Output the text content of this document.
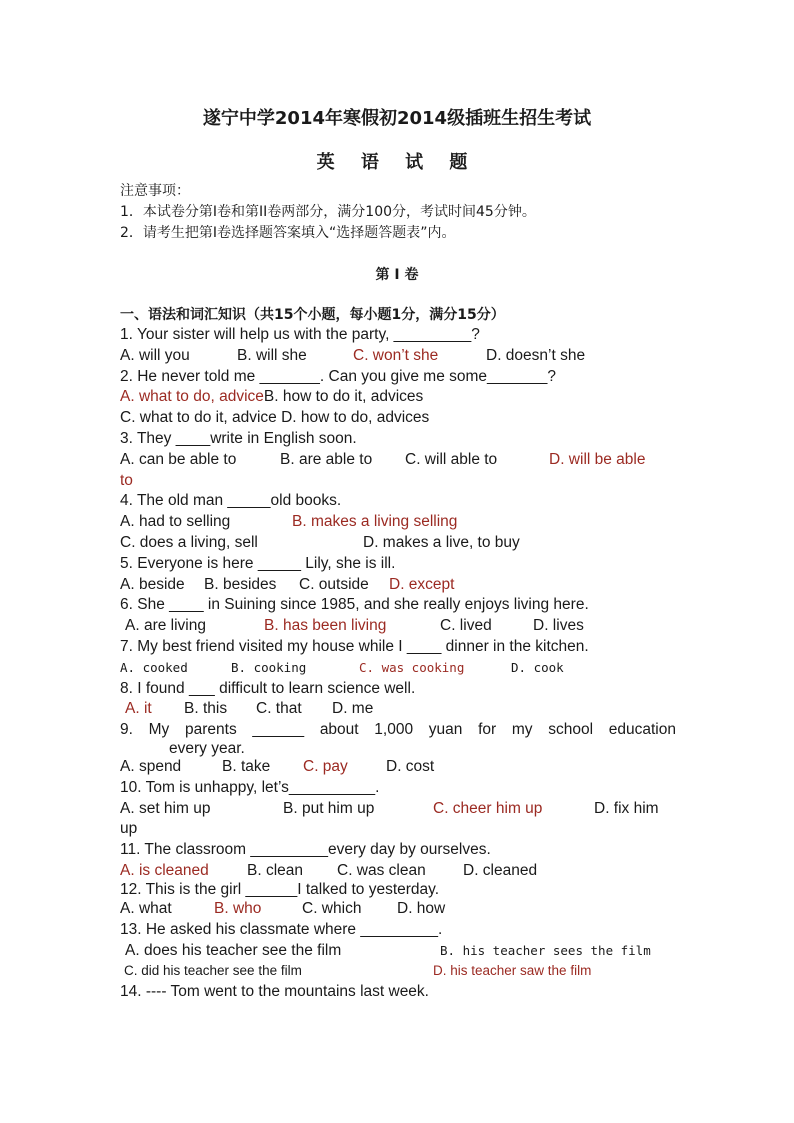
遂宁中学2014年寒假初2014级插班生招生考试
英 语 试 题
注意事项：
1．本试卷分第I卷和第II卷两部分，满分100分，考试时间45分钟。
2．请考生把第I卷选择题答案填入“选择题答题表”内。
第 I 卷
一、语法和词汇知识（共15个小题，每小题1分，满分15分）
1. Your sister will help us with the party, _________?
A. will you	B. will she	C. won’t she	D. doesn’t she
2. He never told me _______. Can you give me some_______?
A. what to do, adviceB. how to do it, advices
C. what to do it, advice D. how to do, advices
3. They ____write in English soon.
A. can be able to	B. are able to C. will able to	D. will be able
to
4. The old man _____old books.
A. had to selling	B. makes a living selling
C. does a living, sell	D. makes a live, to buy
5. Everyone is here _____ Lily, she is ill.
A. beside B. besides C. outside D. except
6. She ____ in Suining since 1985, and she really enjoys living here.
A. are living	B. has been living	C. lived	D. lives
7. My best friend visited my house while I ____ dinner in the kitchen.
A. cooked	B. cooking	C. was cooking	D. cook
8. I found ___ difficult to learn science well.
A. it B. this C. that D. me
9. My parents ______ about 1,000 yuan for my school education
every year.
A. spend	B. take C. pay D. cost
10. Tom is unhappy, let’s__________.
A. set him up	B. put him up	C. cheer him up	D. fix him
up
11. The classroom _________every day by ourselves.
A. is cleaned B. clean C. was clean D. cleaned
12. This is the girl ______I talked to yesterday.
A. what	B. who	C. which D. how
13. He asked his classmate where _________.
A. does his teacher see the film	B. his teacher sees the film
C. did his teacher see the film	D. his teacher saw the film
14. ---- Tom went to the mountains last week.
